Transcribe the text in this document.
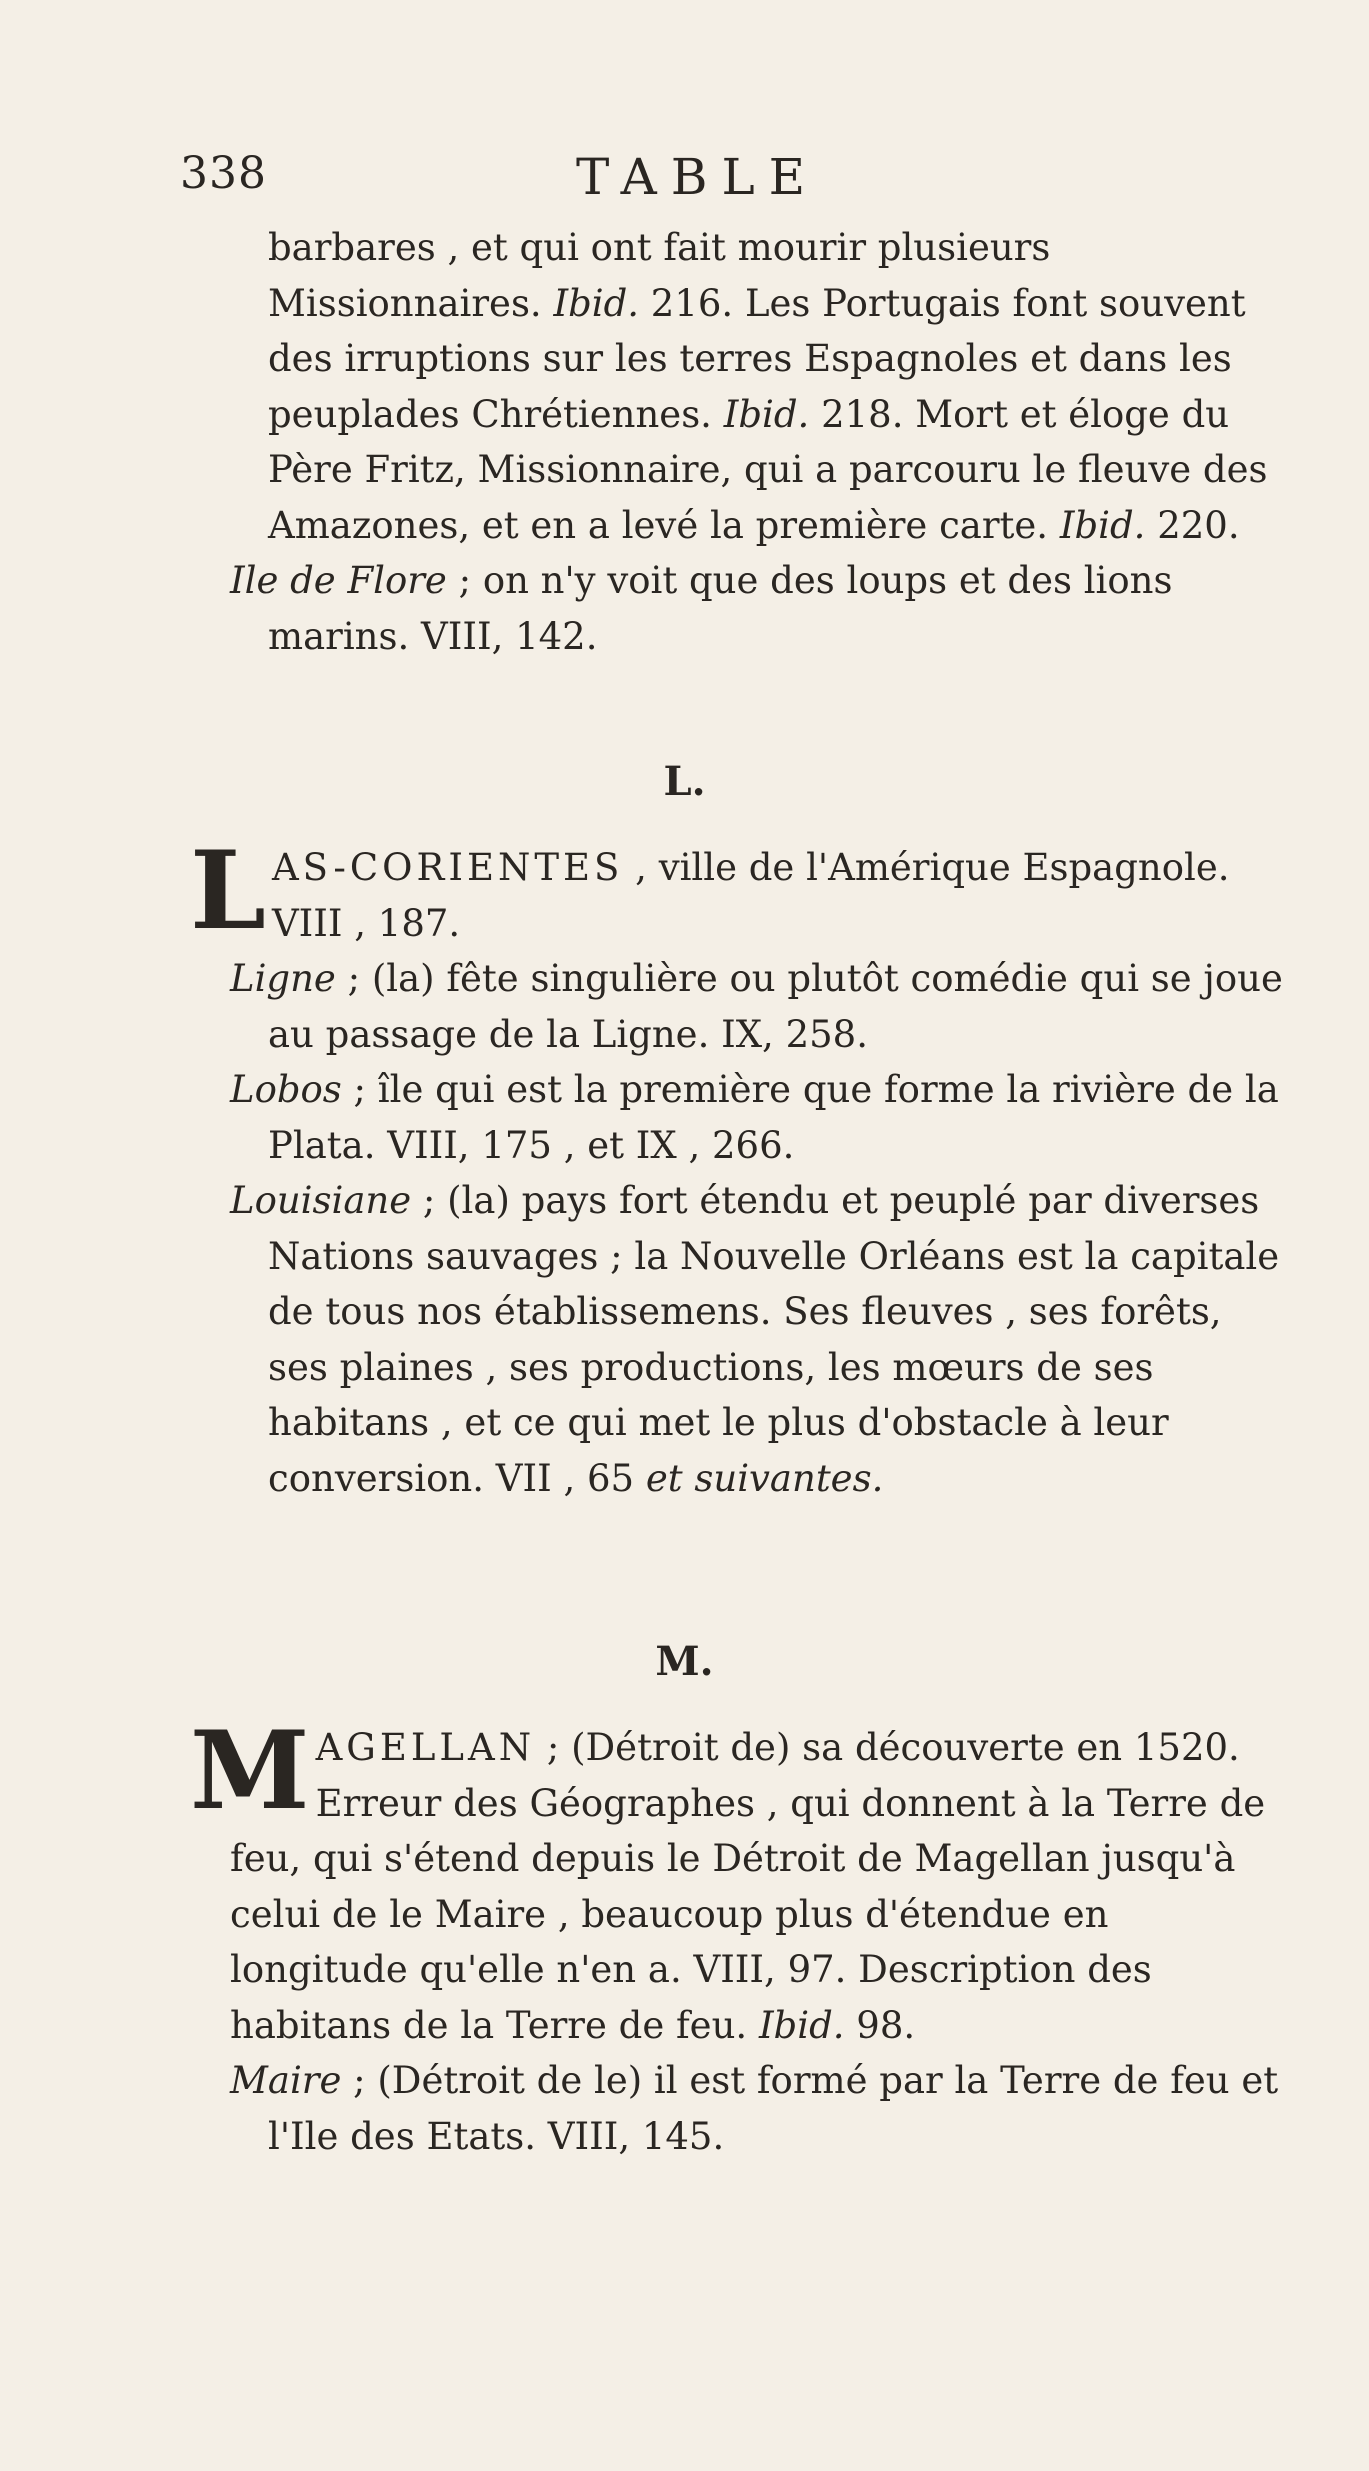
338	TABLE

barbares , et qui ont fait mourir plusieurs Missionnaires. Ibid. 216. Les Portugais font souvent des irruptions sur les terres Espagnoles et dans les peuplades Chrétiennes. Ibid. 218. Mort et éloge du Père Fritz, Missionnaire, qui a parcouru le fleuve des Amazones, et en a levé la première carte. Ibid. 220.

Ile de Flore ; on n'y voit que des loups et des lions marins. VIII, 142.

L.

LAS-CORIENTES , ville de l'Amérique Espagnole. VIII , 187.

Ligne ; (la) fête singulière ou plutôt comédie qui se joue au passage de la Ligne. IX, 258.

Lobos ; île qui est la première que forme la rivière de la Plata. VIII, 175 , et IX , 266.

Louisiane ; (la) pays fort étendu et peuplé par diverses Nations sauvages ; la Nouvelle Orléans est la capitale de tous nos établissemens. Ses fleuves , ses forêts, ses plaines , ses productions, les mœurs de ses habitans , et ce qui met le plus d'obstacle à leur conversion. VII , 65 et suivantes.

M.

MAGELLAN ; (Détroit de) sa découverte en 1520. Erreur des Géographes , qui donnent à la Terre de feu, qui s'étend depuis le Détroit de Magellan jusqu'à celui de le Maire , beaucoup plus d'étendue en longitude qu'elle n'en a. VIII, 97. Description des habitans de la Terre de feu. Ibid. 98.

Maire ; (Détroit de le) il est formé par la Terre de feu et l'Ile des Etats. VIII, 145.
